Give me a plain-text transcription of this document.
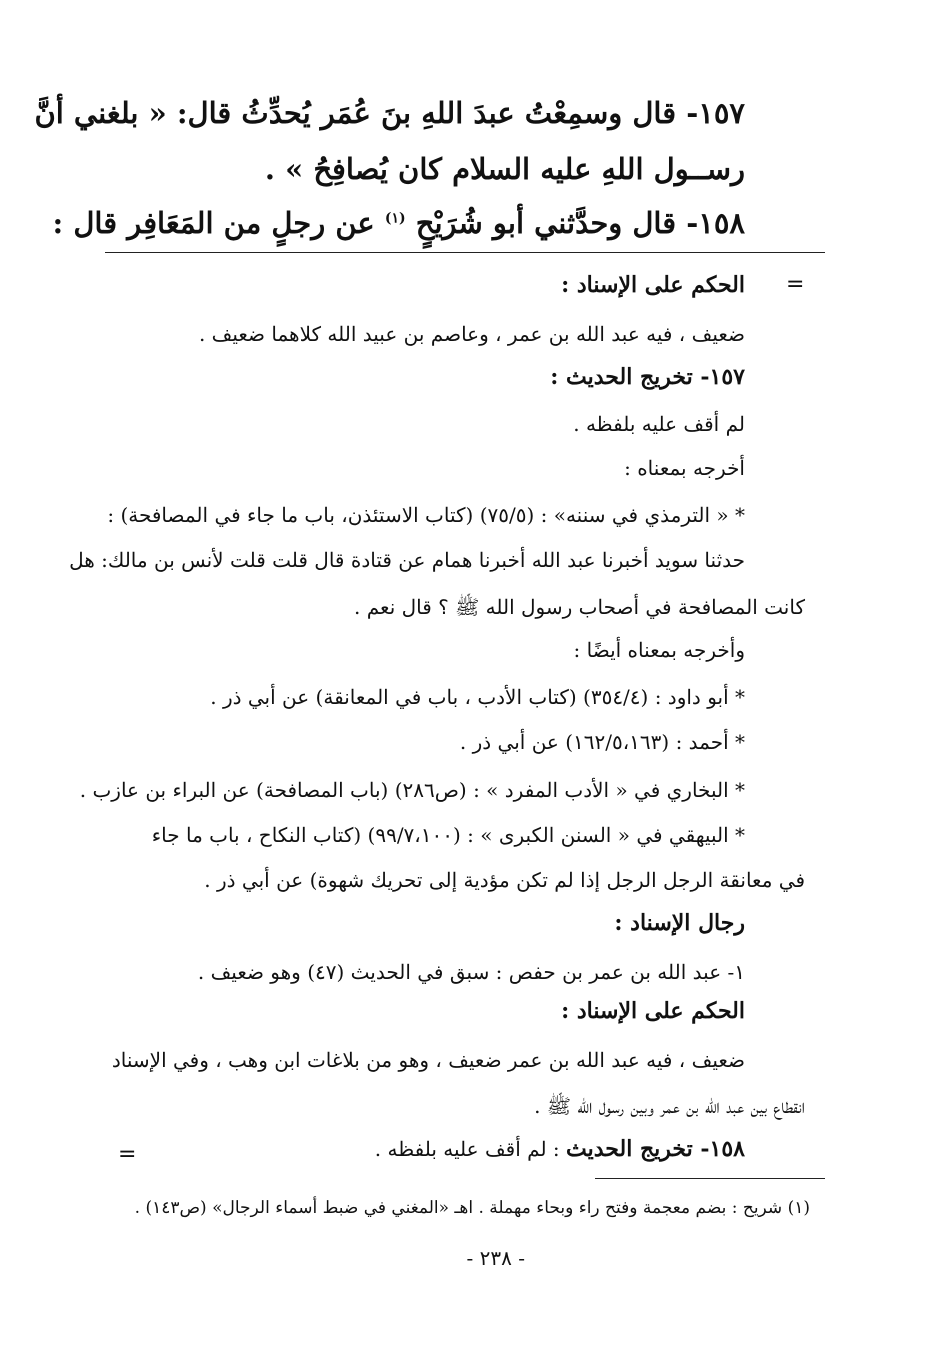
١٥٧- قال وسمِعْتُ عبدَ اللهِ بنَ عُمَر يُحدِّثُ قال: « بلغني أنَّ

رســول اللهِ عليه السلام كان يُصافِحُ » .

١٥٨- قال وحدَّثني أبو شُرَيْحٍ $^{(١)}$ عن رجلٍ من المَعَافِر قال :

=

الحكم على الإسناد :

ضعيف ، فيه عبد الله بن عمر ، وعاصم بن عبيد الله كلاهما ضعيف .

١٥٧- تخريج الحديث :

لم أقف عليه بلفظه .

أخرجه بمعناه :

* « الترمذي في سننه» : (٧٥/٥) (كتاب الاستئذن، باب ما جاء في المصافحة) :

حدثنا سويد أخبرنا عبد الله أخبرنا همام عن قتادة قال قلت قلت لأنس بن مالك: هل

كانت المصافحة في أصحاب رسول الله ﷺ ؟ قال نعم .

وأخرجه بمعناه أيضًا :

* أبو داود : (٣٥٤/٤) (كتاب الأدب ، باب في المعانقة) عن أبي ذر .

* أحمد : (١٦٢/٥،١٦٣) عن أبي ذر .

* البخاري في « الأدب المفرد » : (ص٢٨٦) (باب المصافحة) عن البراء بن عازب .

* البيهقي في « السنن الكبرى » : (٩٩/٧،١٠٠) (كتاب النكاح ، باب ما جاء

في معانقة الرجل الرجل إذا لم تكن مؤدية إلى تحريك شهوة) عن أبي ذر .

رجال الإسناد :

١- عبد الله بن عمر بن حفص : سبق في الحديث (٤٧) وهو ضعيف .

الحكم على الإسناد :

ضعيف ، فيه عبد الله بن عمر ضعيف ، وهو من بلاغات ابن وهب ، وفي الإسناد

انقطاع بين عبد الله بن عمر وبين رسول الله ﷺ .

١٥٨- تخريج الحديث : لم أقف عليه بلفظه .

=

(١) شريح : بضم معجمة وفتح راء وبحاء مهملة . اهـ «المغني في ضبط أسماء الرجال» (ص١٤٣) .

- ٢٣٨ -
